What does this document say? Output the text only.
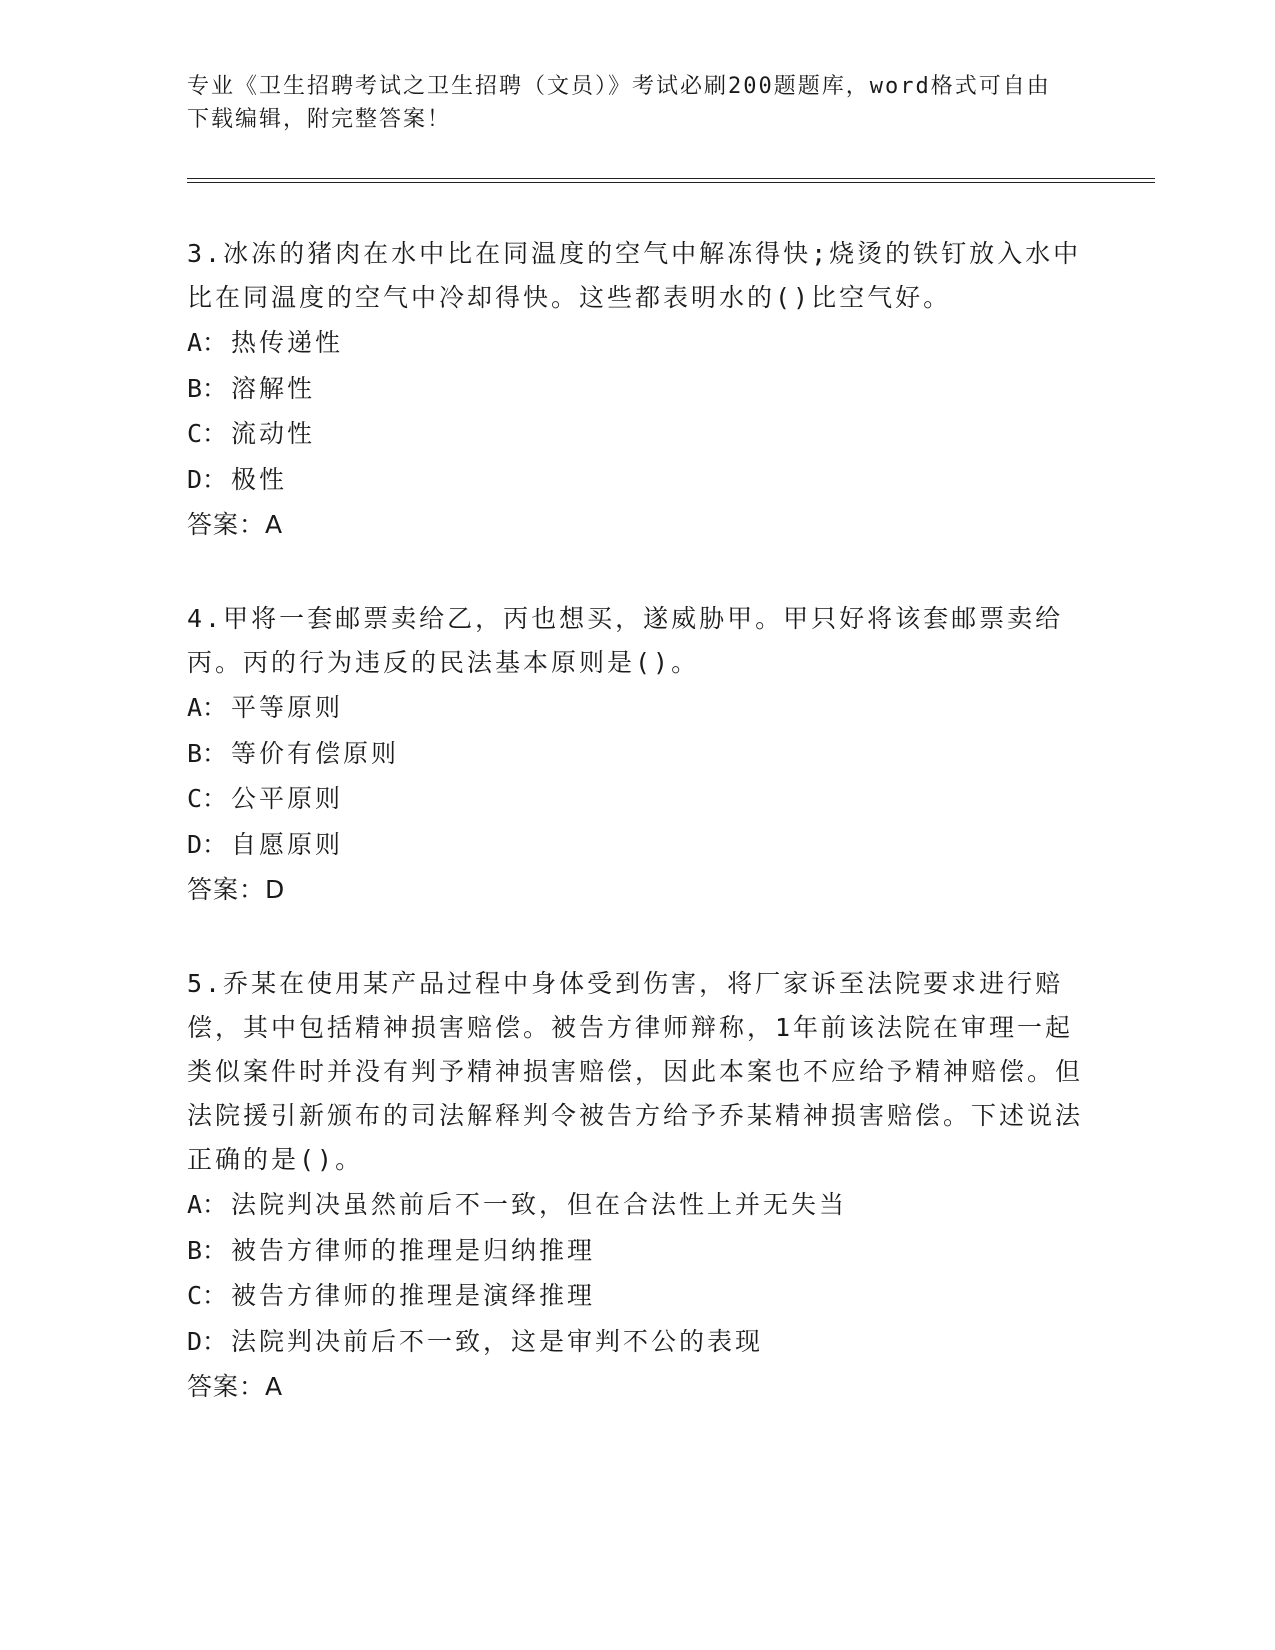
专业《卫生招聘考试之卫生招聘（文员）》考试必刷200题题库，word格式可自由下载编辑，附完整答案！

3.冰冻的猪肉在水中比在同温度的空气中解冻得快;烧烫的铁钉放入水中比在同温度的空气中冷却得快。这些都表明水的()比空气好。

A： 热传递性

B： 溶解性

C： 流动性

D： 极性

答案：A

4.甲将一套邮票卖给乙，丙也想买，遂威胁甲。甲只好将该套邮票卖给丙。丙的行为违反的民法基本原则是()。

A： 平等原则

B： 等价有偿原则

C： 公平原则

D： 自愿原则

答案：D

5.乔某在使用某产品过程中身体受到伤害，将厂家诉至法院要求进行赔偿，其中包括精神损害赔偿。被告方律师辩称，1年前该法院在审理一起类似案件时并没有判予精神损害赔偿，因此本案也不应给予精神赔偿。但法院援引新颁布的司法解释判令被告方给予乔某精神损害赔偿。下述说法正确的是()。

A： 法院判决虽然前后不一致，但在合法性上并无失当

B： 被告方律师的推理是归纳推理

C： 被告方律师的推理是演绎推理

D： 法院判决前后不一致，这是审判不公的表现

答案：A
